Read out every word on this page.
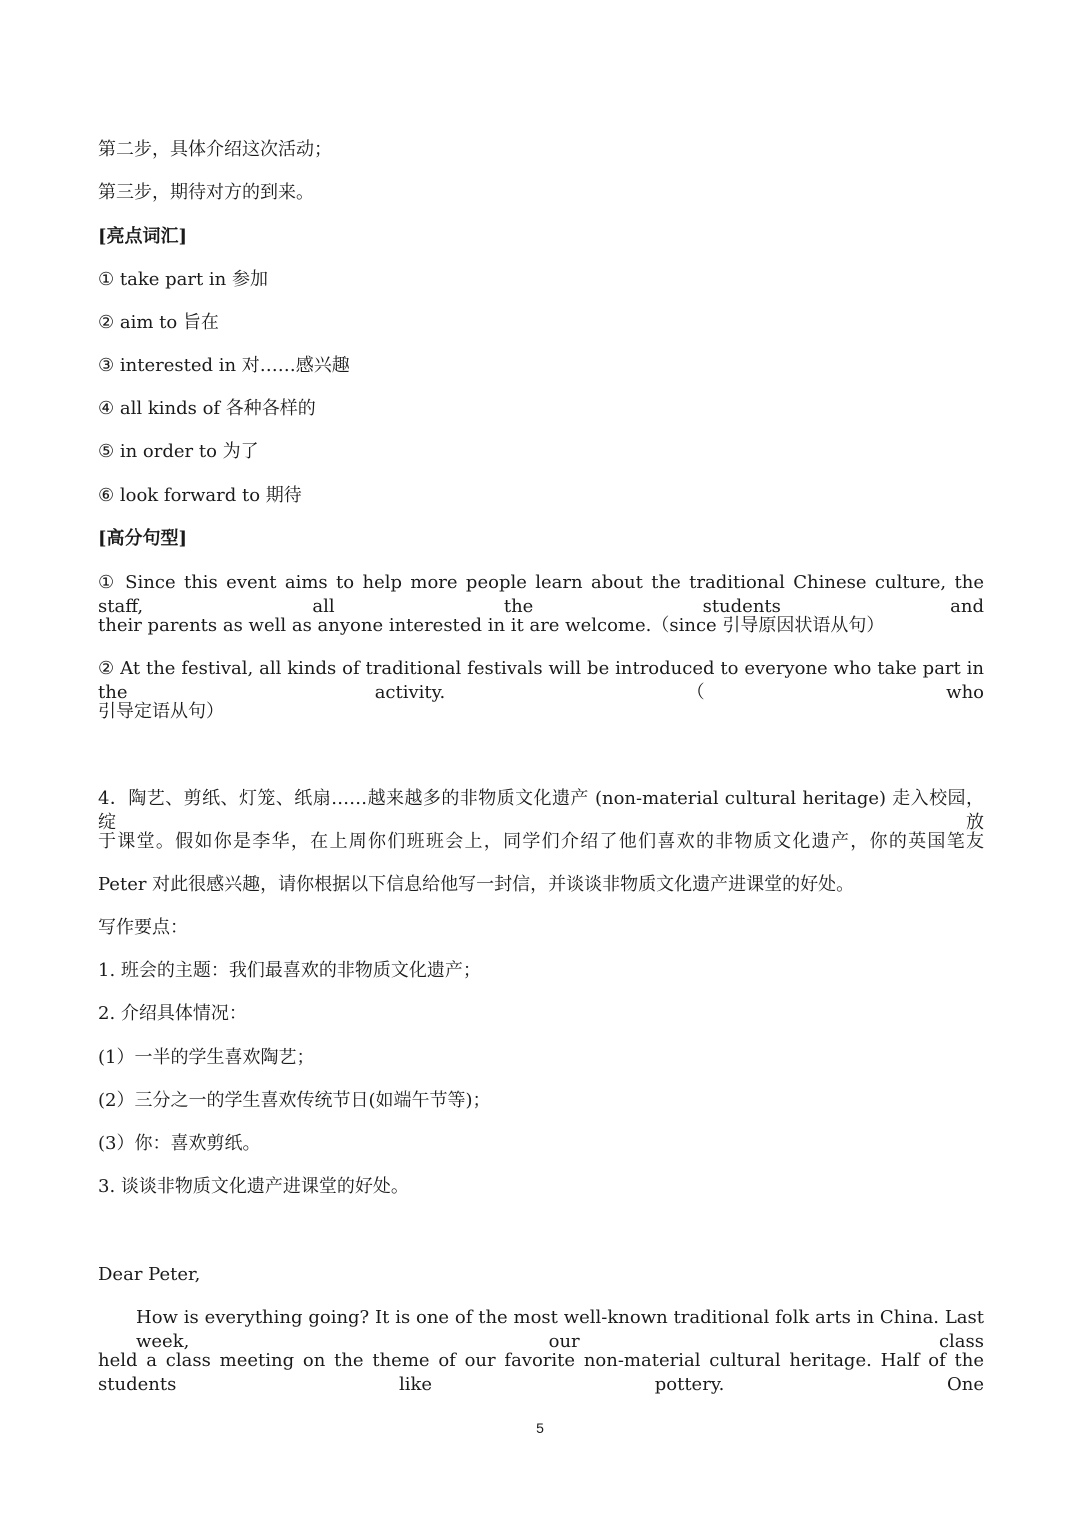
第二步，具体介绍这次活动；
第三步，期待对方的到来。
[亮点词汇]
① take part in 参加
② aim to 旨在
③ interested in 对……感兴趣
④ all kinds of 各种各样的
⑤ in order to 为了
⑥ look forward to 期待
[高分句型]
① Since this event aims to help more people learn about the traditional Chinese culture, the staff, all the students and
their parents as well as anyone interested in it are welcome.（since 引导原因状语从句）
② At the festival, all kinds of traditional festivals will be introduced to everyone who take part in the activity.（who
引导定语从句）
4．陶艺、剪纸、灯笼、纸扇……越来越多的非物质文化遗产 (non-material cultural heritage) 走入校园，绽放
于课堂。假如你是李华，在上周你们班班会上，同学们介绍了他们喜欢的非物质文化遗产，你的英国笔友
Peter 对此很感兴趣，请你根据以下信息给他写一封信，并谈谈非物质文化遗产进课堂的好处。
写作要点：
1. 班会的主题：我们最喜欢的非物质文化遗产；
2. 介绍具体情况：
(1）一半的学生喜欢陶艺；
(2）三分之一的学生喜欢传统节日(如端午节等)；
(3）你：喜欢剪纸。
3. 谈谈非物质文化遗产进课堂的好处。
Dear Peter,
How is everything going? It is one of the most well-known traditional folk arts in China. Last week, our class
held a class meeting on the theme of our favorite non-material cultural heritage. Half of the students like pottery. One
5
